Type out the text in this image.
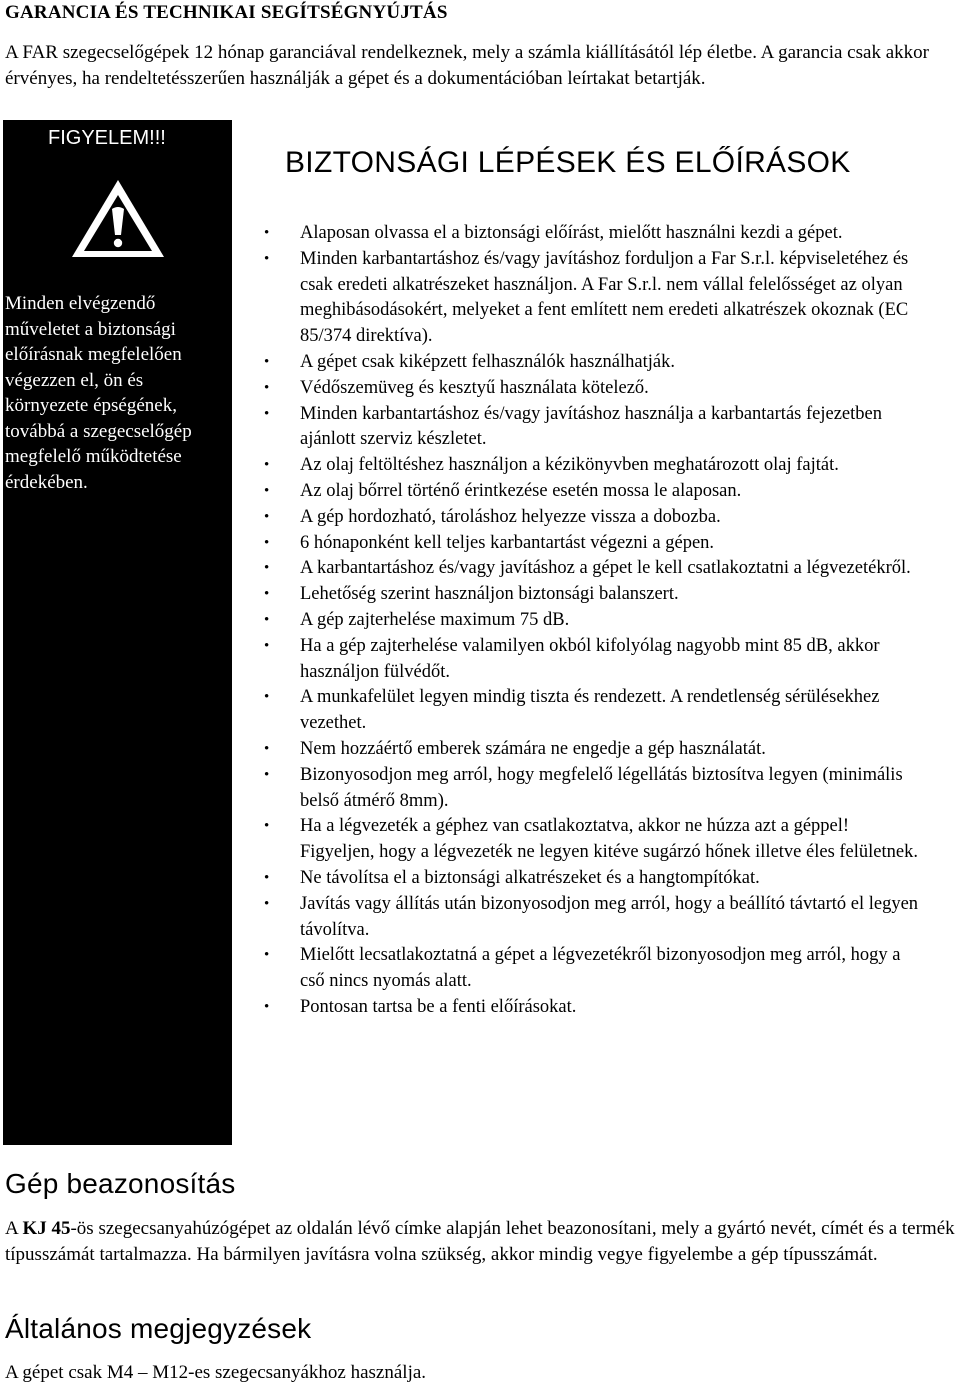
GARANCIA ÉS TECHNIKAI SEGÍTSÉGNYÚJTÁS
A FAR szegecselőgépek 12 hónap garanciával rendelkeznek, mely a számla kiállításától lép életbe. A garancia csak akkor érvényes, ha rendeltetésszerűen használják a gépet és a dokumentációban leírtakat betartják.
FIGYELEM!!!
Minden elvégzendő
műveletet a biztonsági
előírásnak megfelelően
végezzen el, ön és
környezete épségének,
továbbá a szegecselőgép
megfelelő működtetése
érdekében.
BIZTONSÁGI LÉPÉSEK ÉS ELŐÍRÁSOK
• Alaposan olvassa el a biztonsági előírást, mielőtt használni kezdi a gépet.
• Minden karbantartáshoz és/vagy javításhoz forduljon a Far S.r.l. képviseletéhez és csak eredeti alkatrészeket használjon. A Far S.r.l. nem vállal felelősséget az olyan meghibásodásokért, melyeket a fent említett nem eredeti alkatrészek okoznak (EC 85/374 direktíva).
• A gépet csak kiképzett felhasználók használhatják.
• Védőszemüveg és kesztyű használata kötelező.
• Minden karbantartáshoz és/vagy javításhoz használja a karbantartás fejezetben ajánlott szerviz készletet.
• Az olaj feltöltéshez használjon a kézikönyvben meghatározott olaj fajtát.
• Az olaj bőrrel történő érintkezése esetén mossa le alaposan.
• A gép hordozható, tároláshoz helyezze vissza a dobozba.
• 6 hónaponként kell teljes karbantartást végezni a gépen.
• A karbantartáshoz és/vagy javításhoz a gépet le kell csatlakoztatni a légvezetékről.
• Lehetőség szerint használjon biztonsági balanszert.
• A gép zajterhelése maximum 75 dB.
• Ha a gép zajterhelése valamilyen okból kifolyólag nagyobb mint 85 dB, akkor használjon fülvédőt.
• A munkafelület legyen mindig tiszta és rendezett. A rendetlenség sérülésekhez vezethet.
• Nem hozzáértő emberek számára ne engedje a gép használatát.
• Bizonyosodjon meg arról, hogy megfelelő légellátás biztosítva legyen (minimális belső átmérő 8mm).
• Ha a légvezeték a géphez van csatlakoztatva, akkor ne húzza azt a géppel! Figyeljen, hogy a légvezeték ne legyen kitéve sugárzó hőnek illetve éles felületnek.
• Ne távolítsa el a biztonsági alkatrészeket és a hangtompítókat.
• Javítás vagy állítás után bizonyosodjon meg arról, hogy a beállító távtartó el legyen távolítva.
• Mielőtt lecsatlakoztatná a gépet a légvezetékről bizonyosodjon meg arról, hogy a cső nincs nyomás alatt.
• Pontosan tartsa be a fenti előírásokat.
Gép beazonosítás
A KJ 45-ös szegecsanyahúzógépet az oldalán lévő címke alapján lehet beazonosítani, mely a gyártó nevét, címét és a termék típusszámát tartalmazza. Ha bármilyen javításra volna szükség, akkor mindig vegye figyelembe a gép típusszámát.
Általános megjegyzések
A gépet csak M4 – M12-es szegecsanyákhoz használja.
